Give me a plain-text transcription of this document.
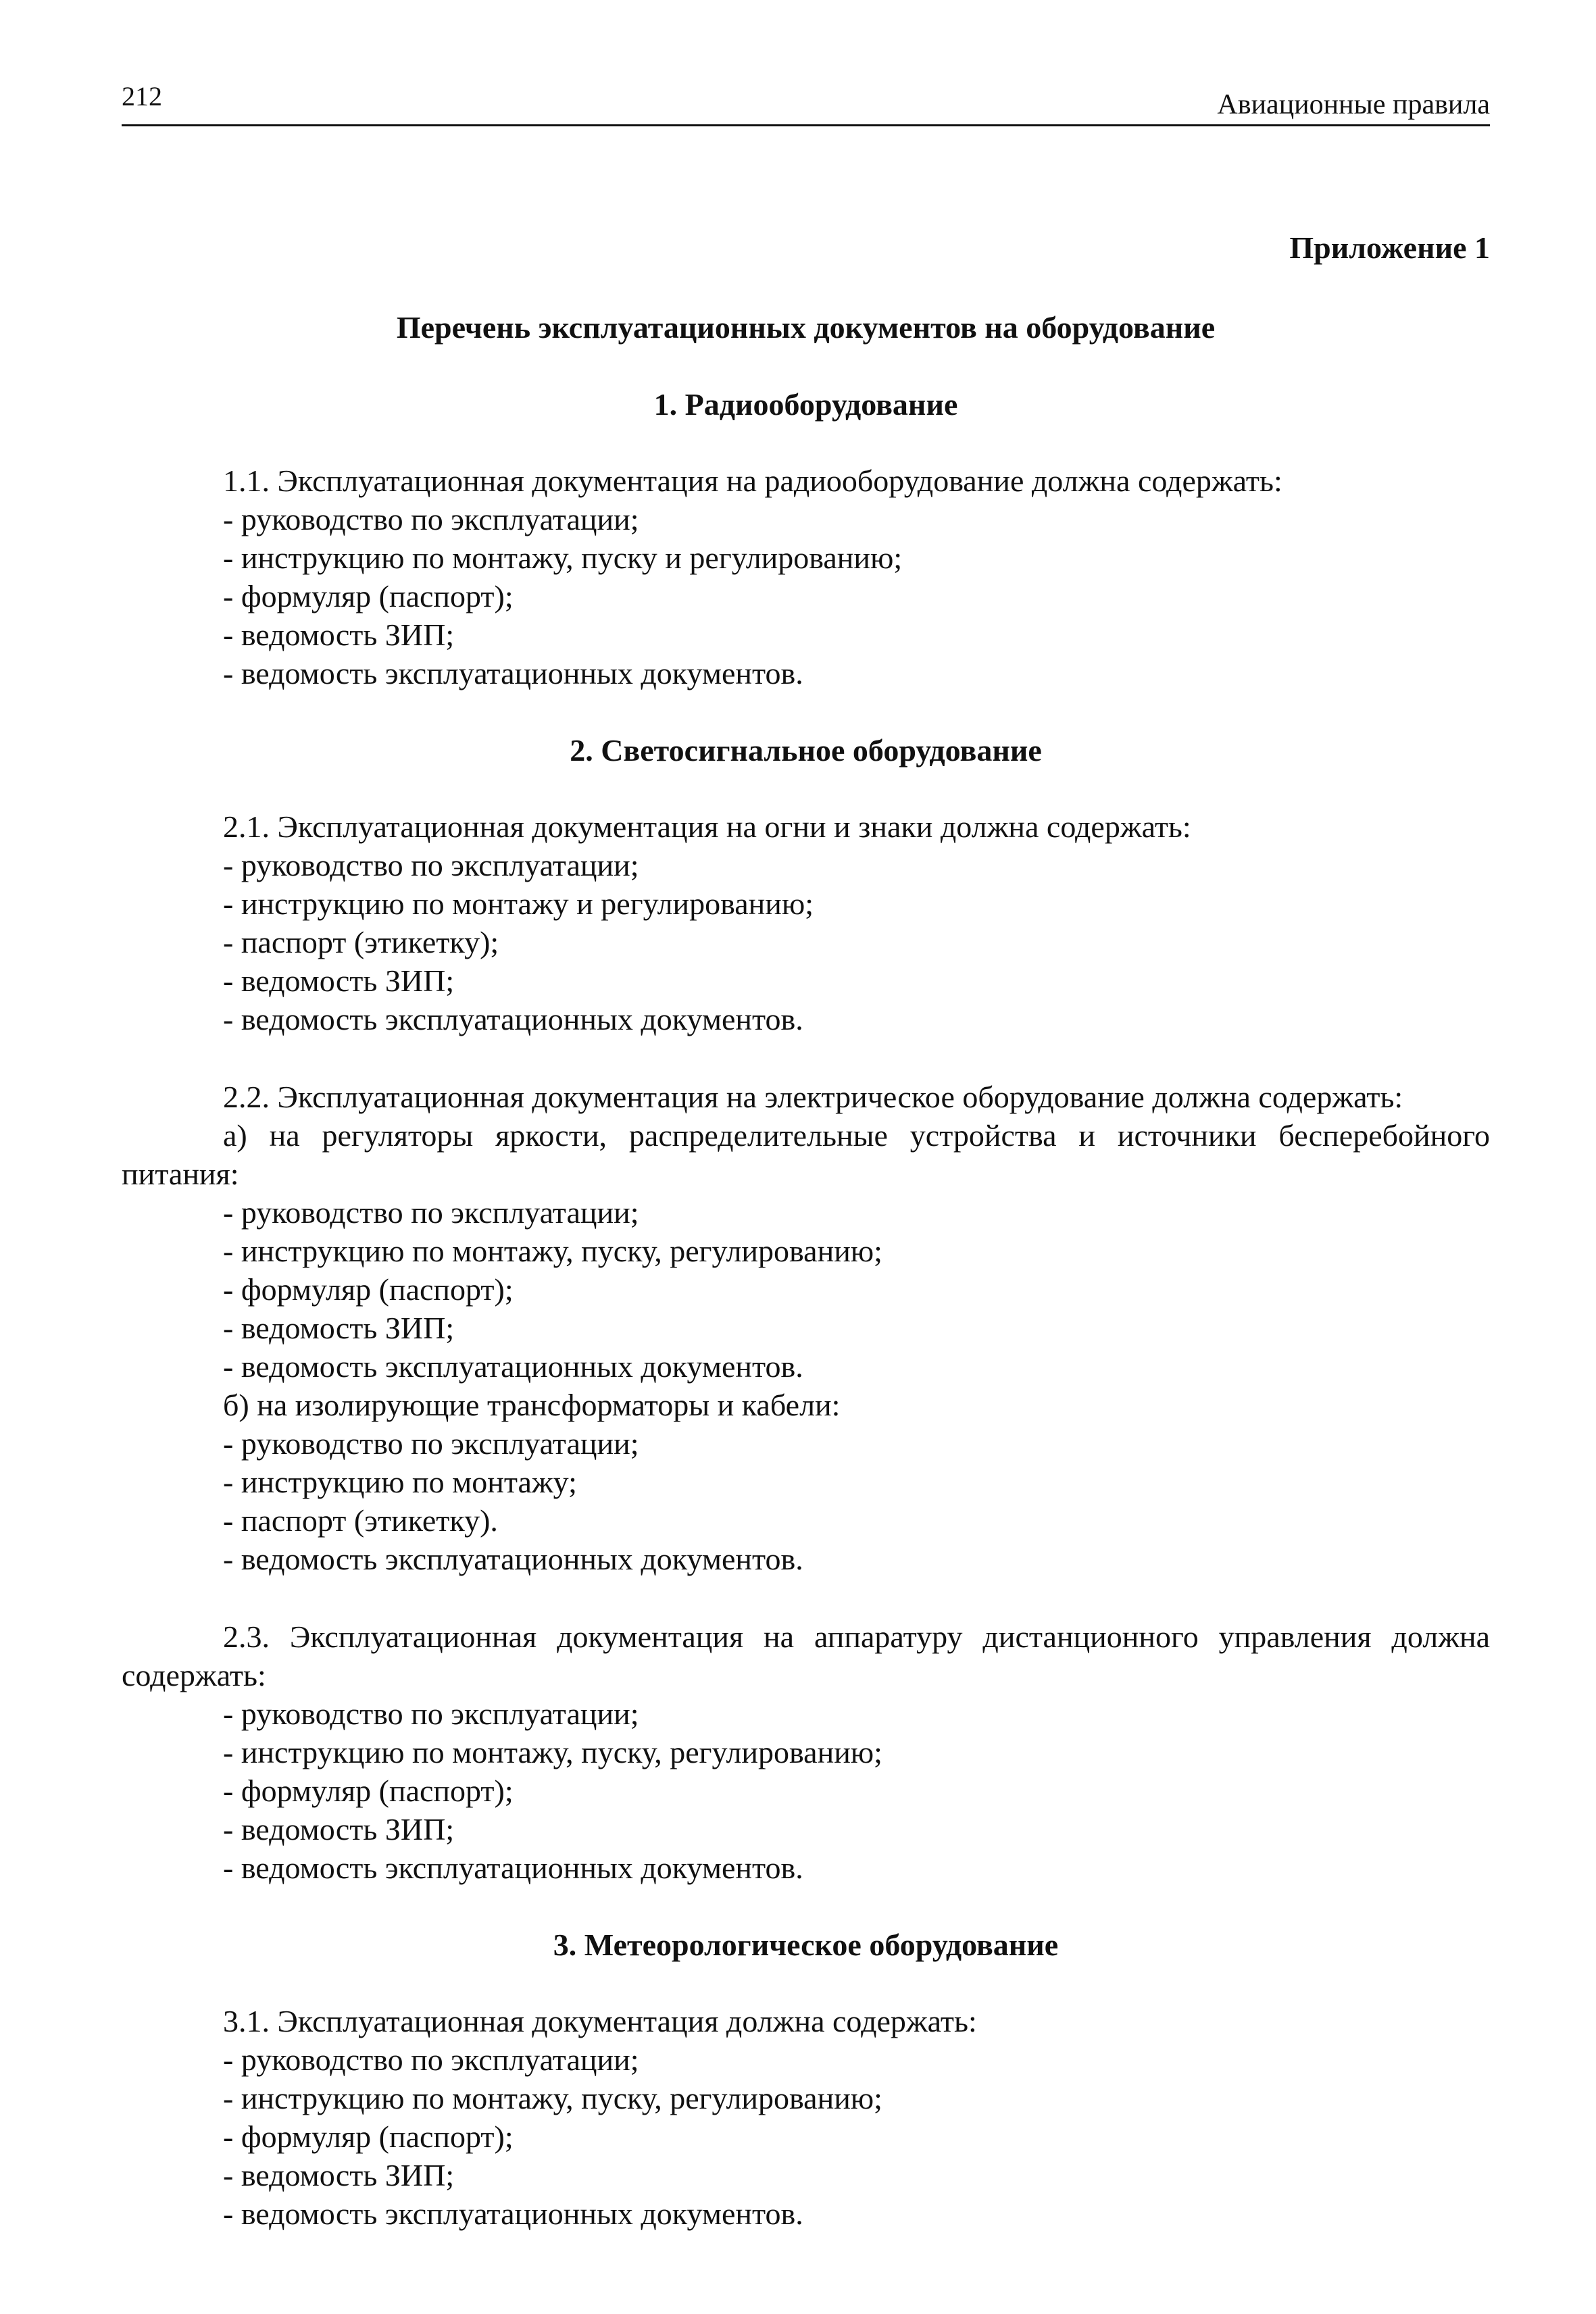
212	Авиационные правила
Приложение 1
Перечень эксплуатационных документов на оборудование
1. Радиооборудование
1.1. Эксплуатационная документация на радиооборудование должна содержать:
- руководство по эксплуатации;
- инструкцию по монтажу, пуску и регулированию;
- формуляр (паспорт);
- ведомость ЗИП;
- ведомость эксплуатационных документов.
2. Светосигнальное оборудование
2.1. Эксплуатационная документация на огни и знаки должна содержать:
- руководство по эксплуатации;
- инструкцию по монтажу и регулированию;
- паспорт (этикетку);
- ведомость ЗИП;
- ведомость эксплуатационных документов.
2.2. Эксплуатационная документация на электрическое оборудование должна содержать:
а) на регуляторы яркости, распределительные устройства и источники бесперебойного питания:
- руководство по эксплуатации;
- инструкцию по монтажу, пуску, регулированию;
- формуляр (паспорт);
- ведомость ЗИП;
- ведомость эксплуатационных документов.
б) на изолирующие трансформаторы и кабели:
- руководство по эксплуатации;
- инструкцию по монтажу;
- паспорт (этикетку).
- ведомость эксплуатационных документов.
2.3. Эксплуатационная документация на аппаратуру дистанционного управления должна содержать:
- руководство по эксплуатации;
- инструкцию по монтажу, пуску, регулированию;
- формуляр (паспорт);
- ведомость ЗИП;
- ведомость эксплуатационных документов.
3. Метеорологическое оборудование
3.1. Эксплуатационная документация должна содержать:
- руководство по эксплуатации;
- инструкцию по монтажу, пуску, регулированию;
- формуляр (паспорт);
- ведомость ЗИП;
- ведомость эксплуатационных документов.
